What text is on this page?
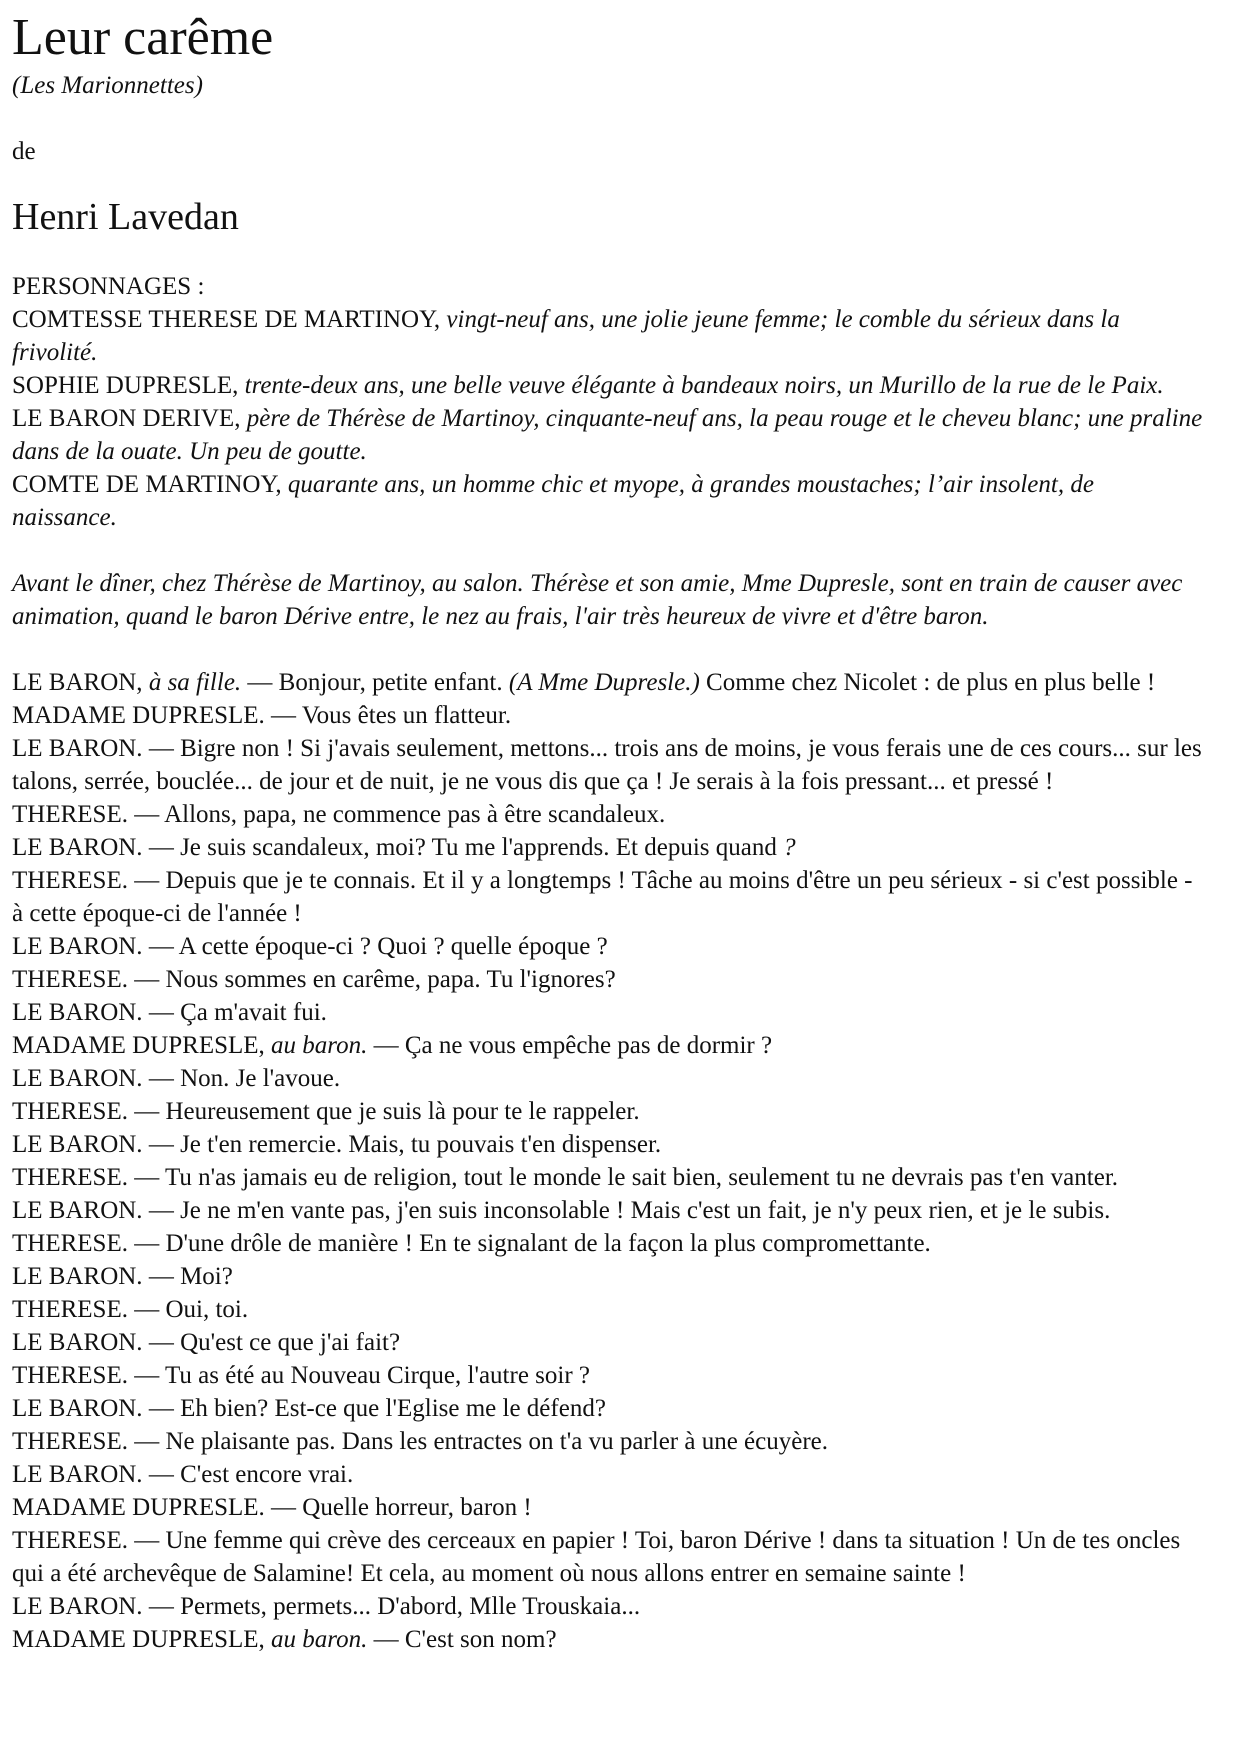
Leur carême
(Les Marionnettes)
de
Henri Lavedan
PERSONNAGES :
COMTESSE THERESE DE MARTINOY, vingt-neuf ans, une jolie jeune femme; le comble du sérieux dans la frivolité.
SOPHIE DUPRESLE, trente-deux ans, une belle veuve élégante à bandeaux noirs, un Murillo de la rue de le Paix.
LE BARON DERIVE, père de Thérèse de Martinoy, cinquante-neuf ans, la peau rouge et le cheveu blanc; une praline dans de la ouate. Un peu de goutte.
COMTE DE MARTINOY, quarante ans, un homme chic et myope, à grandes moustaches; l’air insolent, de naissance.
Avant le dîner, chez Thérèse de Martinoy, au salon. Thérèse et son amie, Mme Dupresle, sont en train de causer avec animation, quand le baron Dérive entre, le nez au frais, l'air très heureux de vivre et d'être baron.
LE BARON, à sa fille. — Bonjour, petite enfant. (A Mme Dupresle.) Comme chez Nicolet : de plus en plus belle !
MADAME DUPRESLE. — Vous êtes un flatteur.
LE BARON. — Bigre non ! Si j'avais seulement, mettons... trois ans de moins, je vous ferais une de ces cours... sur les talons, serrée, bouclée... de jour et de nuit, je ne vous dis que ça ! Je serais à la fois pressant... et pressé !
THERESE. — Allons, papa, ne commence pas à être scandaleux.
LE BARON. — Je suis scandaleux, moi? Tu me l'apprends. Et depuis quand ?
THERESE. — Depuis que je te connais. Et il y a longtemps ! Tâche au moins d'être un peu sérieux - si c'est possible - à cette époque-ci de l'année !
LE BARON. — A cette époque-ci ? Quoi ? quelle époque ?
THERESE. — Nous sommes en carême, papa. Tu l'ignores?
LE BARON. — Ça m'avait fui.
MADAME DUPRESLE, au baron. — Ça ne vous empêche pas de dormir ?
LE BARON. — Non. Je l'avoue.
THERESE. — Heureusement que je suis là pour te le rappeler.
LE BARON. — Je t'en remercie. Mais, tu pouvais t'en dispenser.
THERESE. — Tu n'as jamais eu de religion, tout le monde le sait bien, seulement tu ne devrais pas t'en vanter.
LE BARON. — Je ne m'en vante pas, j'en suis inconsolable ! Mais c'est un fait, je n'y peux rien, et je le subis.
THERESE. — D'une drôle de manière ! En te signalant de la façon la plus compromettante.
LE BARON. — Moi?
THERESE. — Oui, toi.
LE BARON. — Qu'est ce que j'ai fait?
THERESE. — Tu as été au Nouveau Cirque, l'autre soir ?
LE BARON. — Eh bien? Est-ce que l'Eglise me le défend?
THERESE. — Ne plaisante pas. Dans les entractes on t'a vu parler à une écuyère.
LE BARON. — C'est encore vrai.
MADAME DUPRESLE. — Quelle horreur, baron !
THERESE. — Une femme qui crève des cerceaux en papier ! Toi, baron Dérive ! dans ta situation ! Un de tes oncles qui a été archevêque de Salamine! Et cela, au moment où nous allons entrer en semaine sainte !
LE BARON. — Permets, permets... D'abord, Mlle Trouskaia...
MADAME DUPRESLE, au baron. — C'est son nom?
